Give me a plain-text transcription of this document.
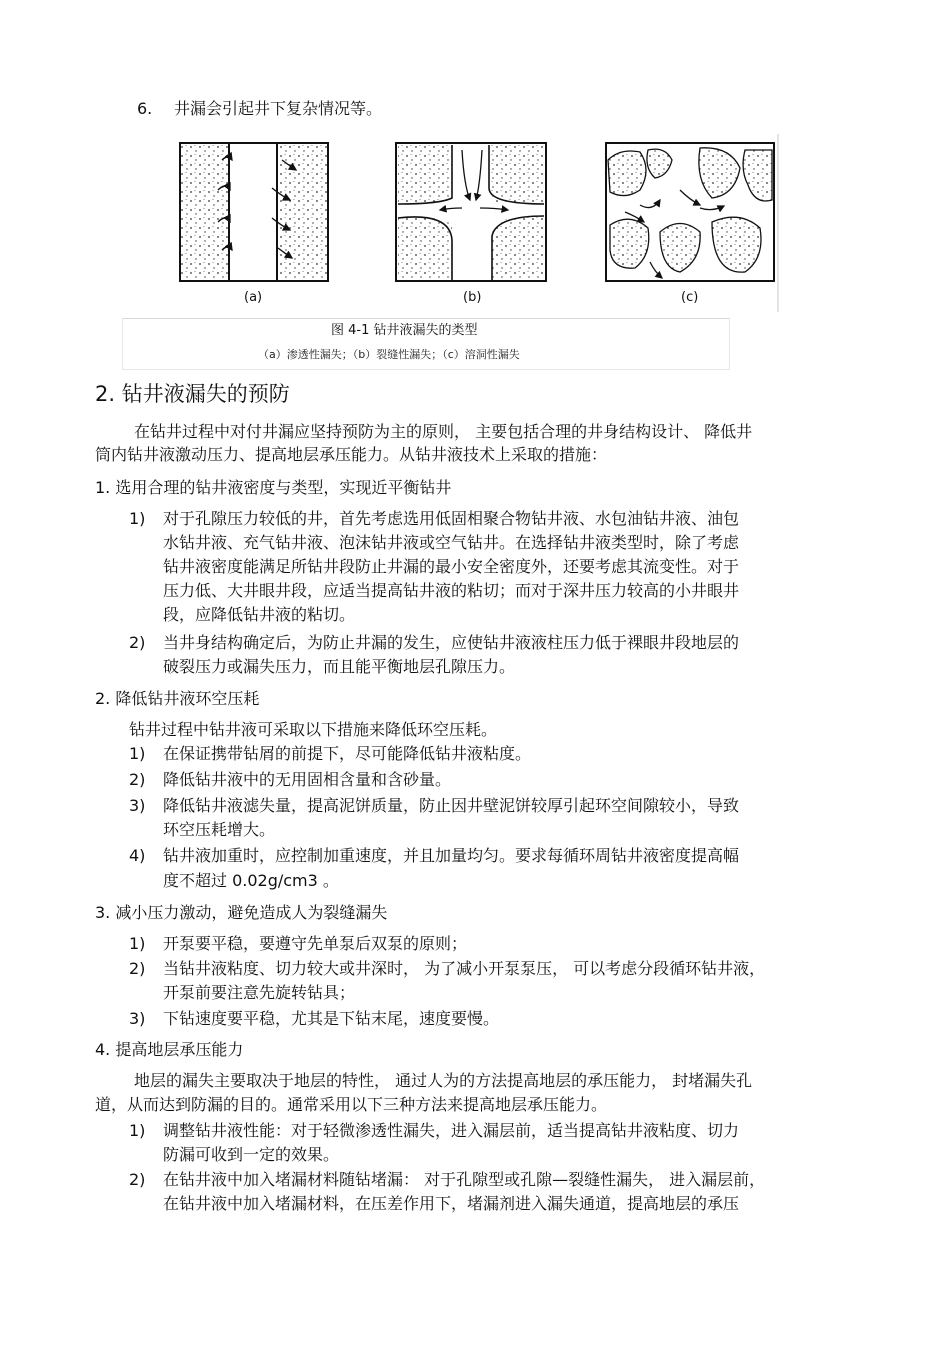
6. 井漏会引起井下复杂情况等。
(a)	(b)	(c)
图 4-1 钻井液漏失的类型
（a）渗透性漏失；（b）裂缝性漏失；（c）溶洞性漏失
2. 钻井液漏失的预防
在钻井过程中对付井漏应坚持预防为主的原则， 主要包括合理的井身结构设计、 降低井
筒内钻井液激动压力、提高地层承压能力。从钻井液技术上采取的措施：
1. 选用合理的钻井液密度与类型，实现近平衡钻井
1) 对于孔隙压力较低的井，首先考虑选用低固相聚合物钻井液、水包油钻井液、油包
水钻井液、充气钻井液、泡沫钻井液或空气钻井。在选择钻井液类型时，除了考虑
钻井液密度能满足所钻井段防止井漏的最小安全密度外，还要考虑其流变性。对于
压力低、大井眼井段，应适当提高钻井液的粘切；而对于深井压力较高的小井眼井
段，应降低钻井液的粘切。
2) 当井身结构确定后，为防止井漏的发生，应使钻井液液柱压力低于裸眼井段地层的
破裂压力或漏失压力，而且能平衡地层孔隙压力。
2. 降低钻井液环空压耗
钻井过程中钻井液可采取以下措施来降低环空压耗。
1) 在保证携带钻屑的前提下，尽可能降低钻井液粘度。
2) 降低钻井液中的无用固相含量和含砂量。
3) 降低钻井液滤失量，提高泥饼质量，防止因井壁泥饼较厚引起环空间隙较小，导致
环空压耗增大。
4) 钻井液加重时，应控制加重速度，并且加量均匀。要求每循环周钻井液密度提高幅
度不超过 0.02g/cm3 。
3. 减小压力激动，避免造成人为裂缝漏失
1) 开泵要平稳，要遵守先单泵后双泵的原则；
2) 当钻井液粘度、切力较大或井深时， 为了减小开泵泵压， 可以考虑分段循环钻井液，
开泵前要注意先旋转钻具；
3) 下钻速度要平稳，尤其是下钻末尾，速度要慢。
4. 提高地层承压能力
地层的漏失主要取决于地层的特性， 通过人为的方法提高地层的承压能力， 封堵漏失孔
道，从而达到防漏的目的。通常采用以下三种方法来提高地层承压能力。
1) 调整钻井液性能：对于轻微渗透性漏失，进入漏层前，适当提高钻井液粘度、切力
防漏可收到一定的效果。
2) 在钻井液中加入堵漏材料随钻堵漏： 对于孔隙型或孔隙—裂缝性漏失， 进入漏层前，
在钻井液中加入堵漏材料，在压差作用下，堵漏剂进入漏失通道，提高地层的承压
